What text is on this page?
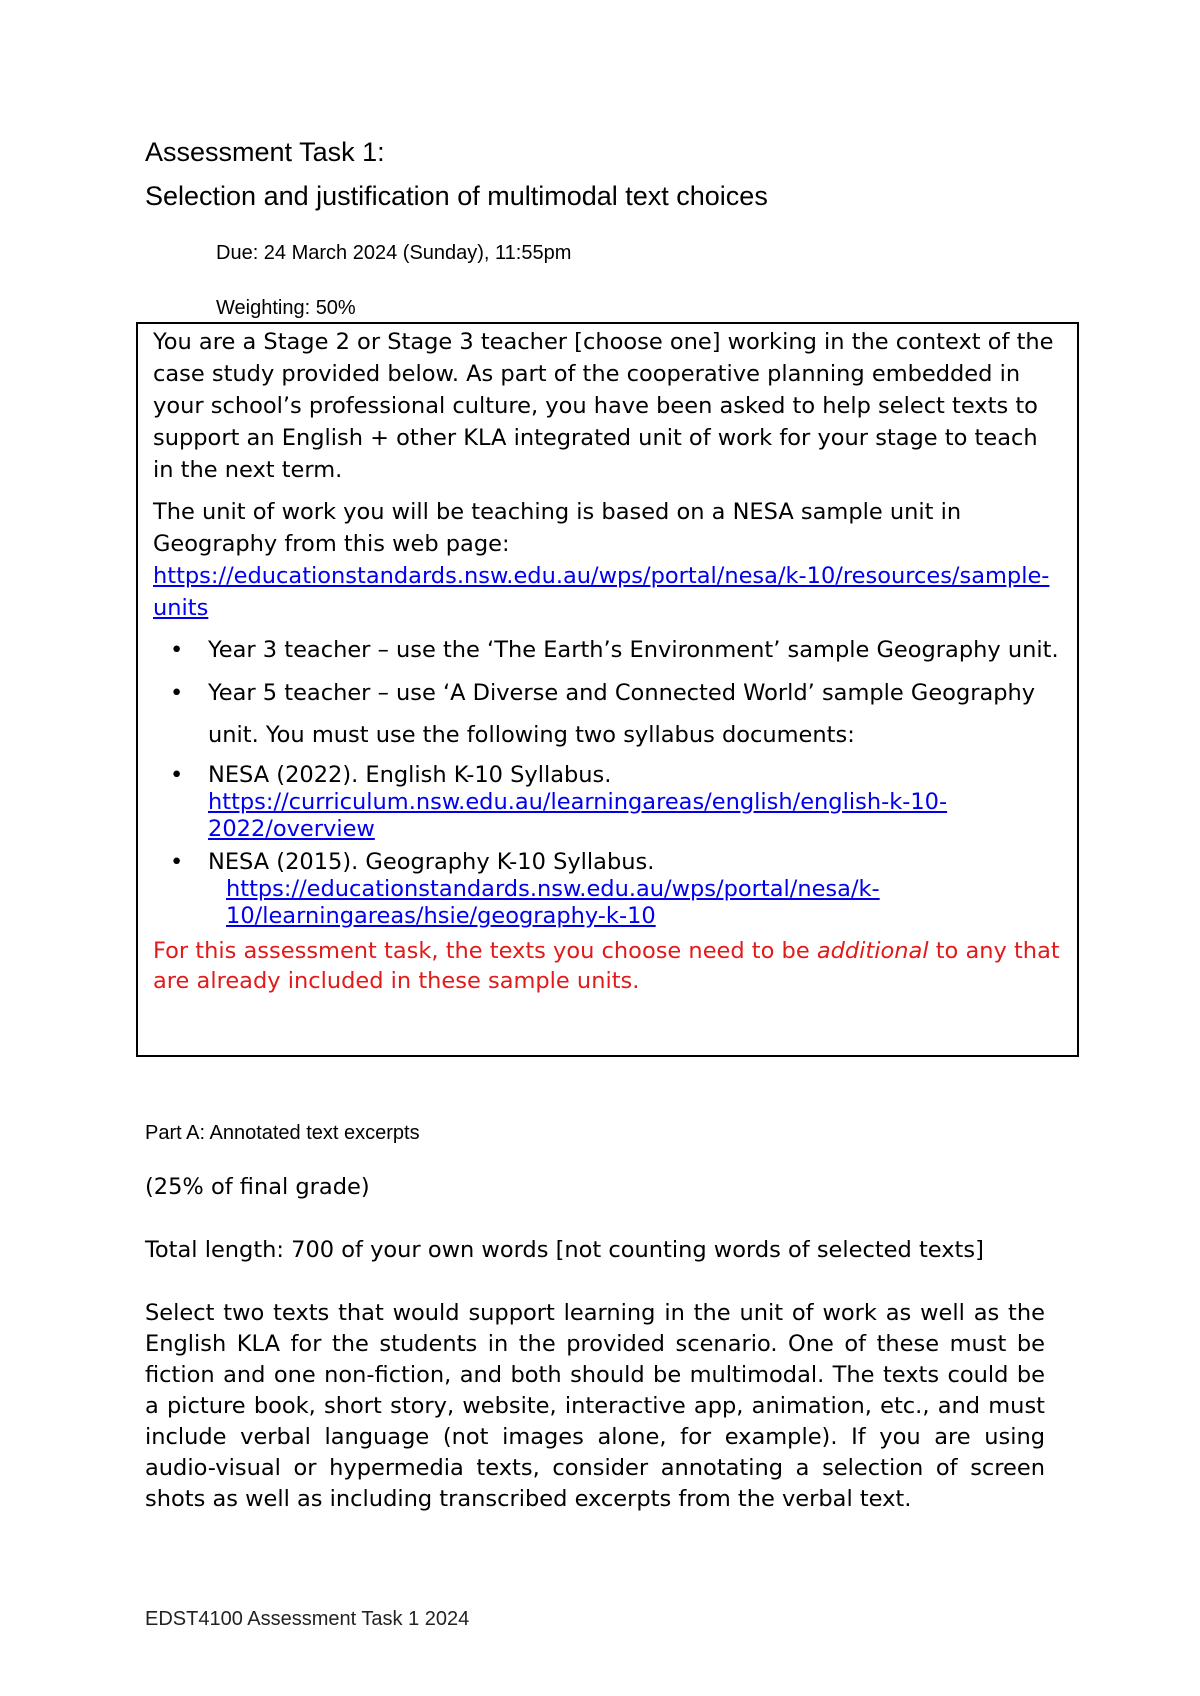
Assessment Task 1:
Selection and justification of multimodal text choices
Due: 24 March 2024 (Sunday), 11:55pm
Weighting: 50%

You are a Stage 2 or Stage 3 teacher [choose one] working in the context of the case study provided below. As part of the cooperative planning embedded in your school’s professional culture, you have been asked to help select texts to support an English + other KLA integrated unit of work for your stage to teach in the next term.

The unit of work you will be teaching is based on a NESA sample unit in Geography from this web page:
https://educationstandards.nsw.edu.au/wps/portal/nesa/k-10/resources/sample-units

• Year 3 teacher – use the ‘The Earth’s Environment’ sample Geography unit.
• Year 5 teacher – use ‘A Diverse and Connected World’ sample Geography unit. You must use the following two syllabus documents:
• NESA (2022). English K-10 Syllabus.
https://curriculum.nsw.edu.au/learningareas/english/english-k-10-2022/overview
• NESA (2015). Geography K-10 Syllabus.
https://educationstandards.nsw.edu.au/wps/portal/nesa/k-10/learningareas/hsie/geography-k-10

For this assessment task, the texts you choose need to be additional to any that are already included in these sample units.

Part A: Annotated text excerpts
(25% of final grade)
Total length: 700 of your own words [not counting words of selected texts]
Select two texts that would support learning in the unit of work as well as the English KLA for the students in the provided scenario. One of these must be fiction and one non-fiction, and both should be multimodal. The texts could be a picture book, short story, website, interactive app, animation, etc., and must include verbal language (not images alone, for example). If you are using audio-visual or hypermedia texts, consider annotating a selection of screen shots as well as including transcribed excerpts from the verbal text.
EDST4100 Assessment Task 1 2024
